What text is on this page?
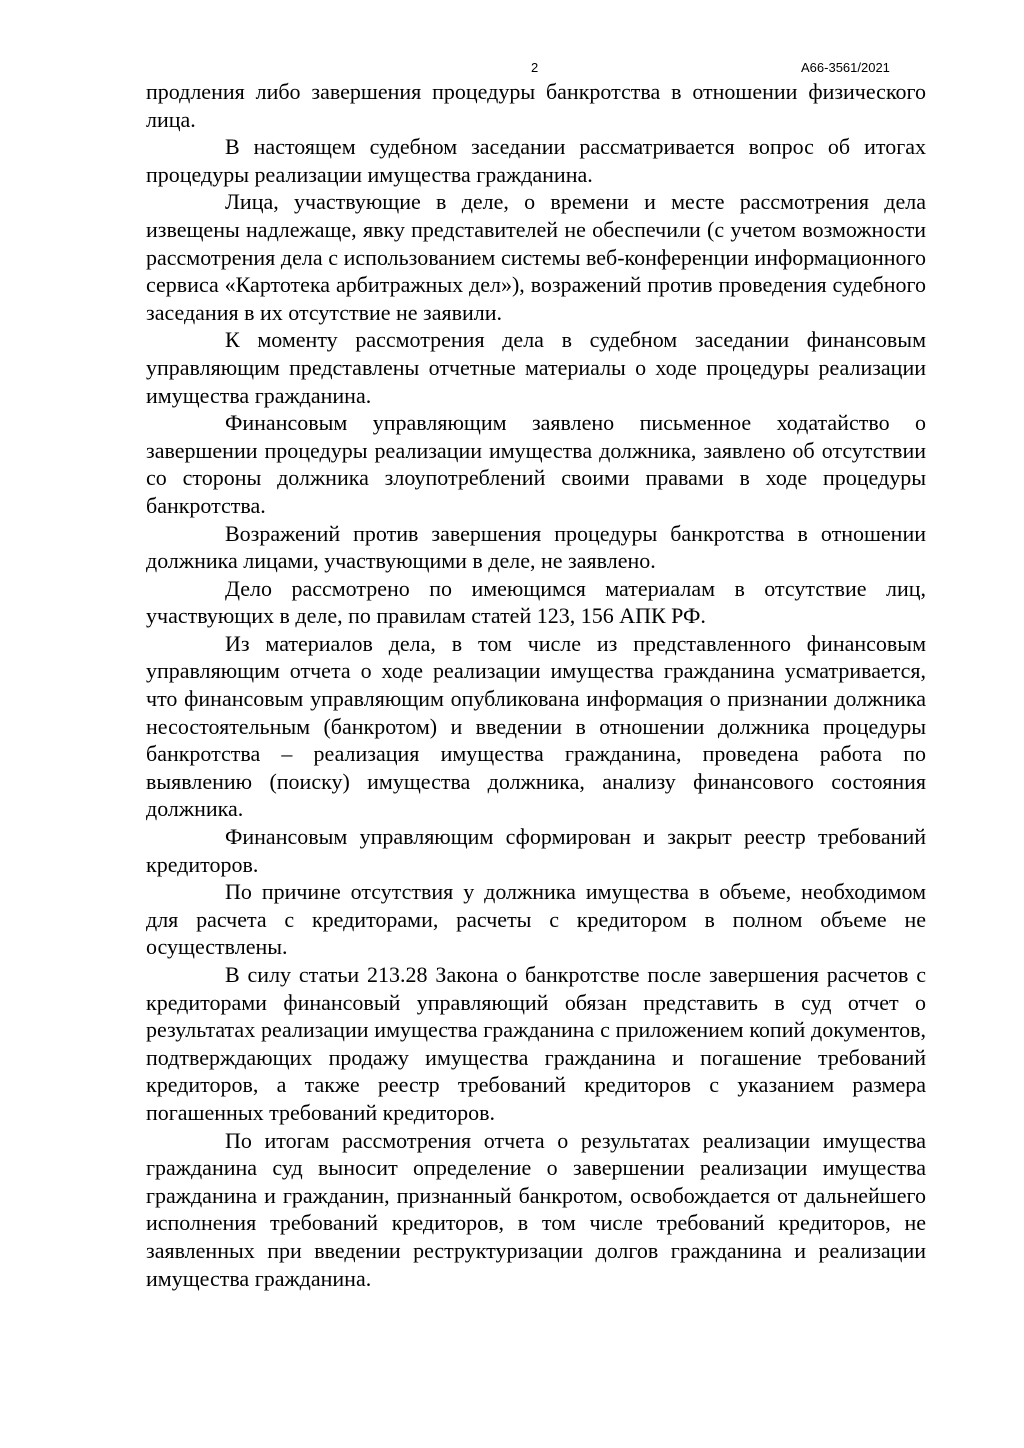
2	А66-3561/2021

продления либо завершения процедуры банкротства в отношении физического лица.

В настоящем судебном заседании рассматривается вопрос об итогах процедуры реализации имущества гражданина.

Лица, участвующие в деле, о времени и месте рассмотрения дела извещены надлежаще, явку представителей не обеспечили (с учетом возможности рассмотрения дела с использованием системы веб-конференции информационного сервиса «Картотека арбитражных дел»), возражений против проведения судебного заседания в их отсутствие не заявили.

К моменту рассмотрения дела в судебном заседании финансовым управляющим представлены отчетные материалы о ходе процедуры реализации имущества гражданина.

Финансовым управляющим заявлено письменное ходатайство о завершении процедуры реализации имущества должника, заявлено об отсутствии со стороны должника злоупотреблений своими правами в ходе процедуры банкротства.

Возражений против завершения процедуры банкротства в отношении должника лицами, участвующими в деле, не заявлено.

Дело рассмотрено по имеющимся материалам в отсутствие лиц, участвующих в деле, по правилам статей 123, 156 АПК РФ.

Из материалов дела, в том числе из представленного финансовым управляющим отчета о ходе реализации имущества гражданина усматривается, что финансовым управляющим опубликована информация о признании должника несостоятельным (банкротом) и введении в отношении должника процедуры банкротства – реализация имущества гражданина, проведена работа по выявлению (поиску) имущества должника, анализу финансового состояния должника.

Финансовым управляющим сформирован и закрыт реестр требований кредиторов.

По причине отсутствия у должника имущества в объеме, необходимом для расчета с кредиторами, расчеты с кредитором в полном объеме не осуществлены.

В силу статьи 213.28 Закона о банкротстве после завершения расчетов с кредиторами финансовый управляющий обязан представить в суд отчет о результатах реализации имущества гражданина с приложением копий документов, подтверждающих продажу имущества гражданина и погашение требований кредиторов, а также реестр требований кредиторов с указанием размера погашенных требований кредиторов.

По итогам рассмотрения отчета о результатах реализации имущества гражданина суд выносит определение о завершении реализации имущества гражданина и гражданин, признанный банкротом, освобождается от дальнейшего исполнения требований кредиторов, в том числе требований кредиторов, не заявленных при введении реструктуризации долгов гражданина и реализации имущества гражданина.
